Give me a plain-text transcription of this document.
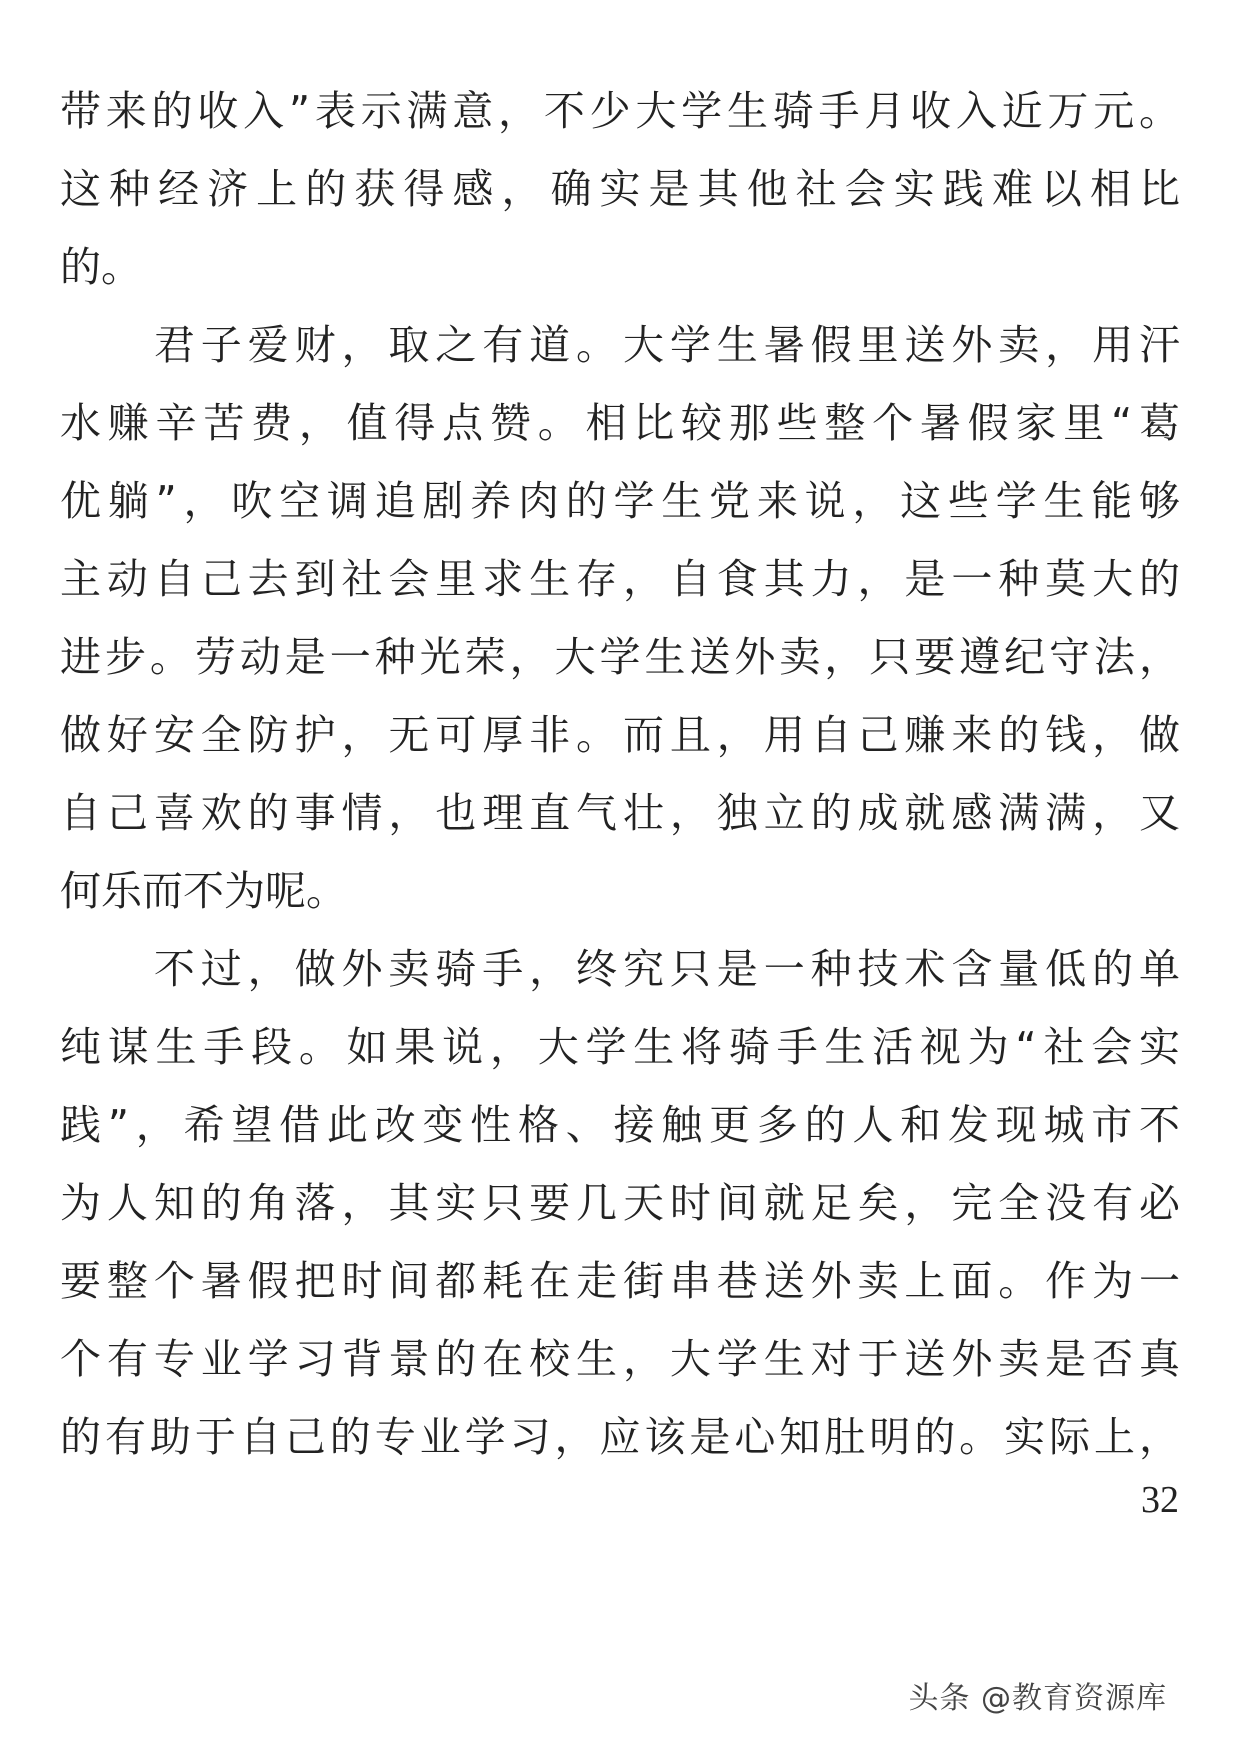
带来的收入”表示满意，不少大学生骑手月收入近万元。
这种经济上的获得感，确实是其他社会实践难以相比
的。
　　君子爱财，取之有道。大学生暑假里送外卖，用汗
水赚辛苦费，值得点赞。相比较那些整个暑假家里“葛
优躺”，吹空调追剧养肉的学生党来说，这些学生能够
主动自己去到社会里求生存，自食其力，是一种莫大的
进步。劳动是一种光荣，大学生送外卖，只要遵纪守法，
做好安全防护，无可厚非。而且，用自己赚来的钱，做
自己喜欢的事情，也理直气壮，独立的成就感满满，又
何乐而不为呢。
　　不过，做外卖骑手，终究只是一种技术含量低的单
纯谋生手段。如果说，大学生将骑手生活视为“社会实
践”，希望借此改变性格、接触更多的人和发现城市不
为人知的角落，其实只要几天时间就足矣，完全没有必
要整个暑假把时间都耗在走街串巷送外卖上面。作为一
个有专业学习背景的在校生，大学生对于送外卖是否真
的有助于自己的专业学习，应该是心知肚明的。实际上，
32
头条 @教育资源库
